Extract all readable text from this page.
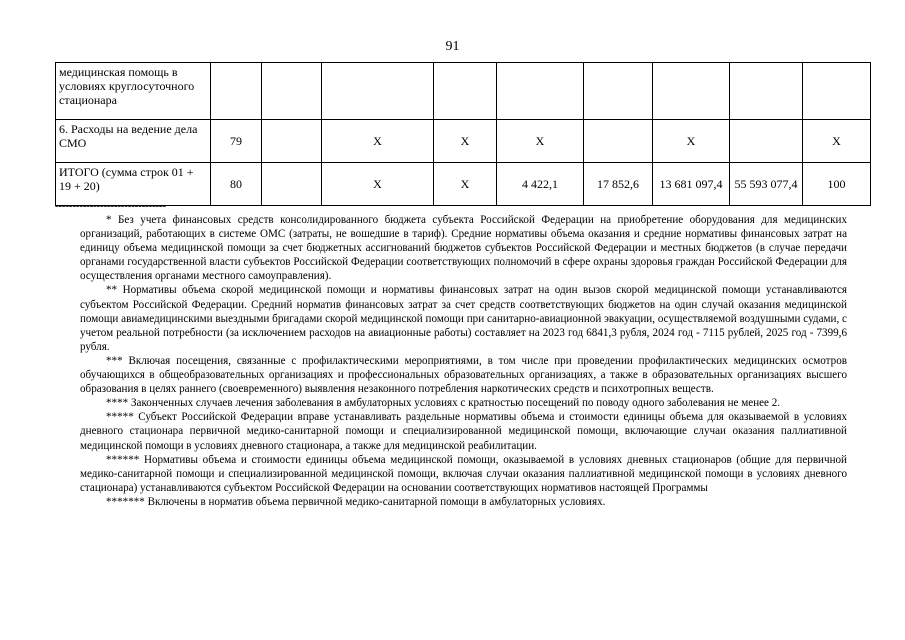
91
медицинская помощь в условиях круглосуточного стационара									
6. Расходы на ведение дела СМО	79		X	X	X		X		X
ИТОГО (сумма строк 01 + 19 + 20)	80		X	X	4 422,1	17 852,6	13 681 097,4	55 593 077,4	100
--------------------------------

* Без учета финансовых средств консолидированного бюджета субъекта Российской Федерации на приобретение оборудования для медицинских организаций, работающих в системе ОМС (затраты, не вошедшие в тариф). Средние нормативы объема оказания и средние нормативы финансовых затрат на единицу объема медицинской помощи за счет бюджетных ассигнований бюджетов субъектов Российской Федерации и местных бюджетов (в случае передачи органами государственной власти субъектов Российской Федерации соответствующих полномочий в сфере охраны здоровья граждан Российской Федерации для осуществления органами местного самоуправления).

** Нормативы объема скорой медицинской помощи и нормативы финансовых затрат на один вызов скорой медицинской помощи устанавливаются субъектом Российской Федерации. Средний норматив финансовых затрат за счет средств соответствующих бюджетов на один случай оказания медицинской помощи авиамедицинскими выездными бригадами скорой медицинской помощи при санитарно-авиационной эвакуации, осуществляемой воздушными судами, с учетом реальной потребности (за исключением расходов на авиационные работы) составляет на 2023 год 6841,3 рубля, 2024 год - 7115 рублей, 2025 год - 7399,6 рубля.

*** Включая посещения, связанные с профилактическими мероприятиями, в том числе при проведении профилактических медицинских осмотров обучающихся в общеобразовательных организациях и профессиональных образовательных организациях, а также в образовательных организациях высшего образования в целях раннего (своевременного) выявления незаконного потребления наркотических средств и психотропных веществ.

**** Законченных случаев лечения заболевания в амбулаторных условиях с кратностью посещений по поводу одного заболевания не менее 2.

***** Субъект Российской Федерации вправе устанавливать раздельные нормативы объема и стоимости единицы объема для оказываемой в условиях дневного стационара первичной медико-санитарной помощи и специализированной медицинской помощи, включающие случаи оказания паллиативной медицинской помощи в условиях дневного стационара, а также для медицинской реабилитации.

****** Нормативы объема и стоимости единицы объема медицинской помощи, оказываемой в условиях дневных стационаров (общие для первичной медико-санитарной помощи и специализированной медицинской помощи, включая случаи оказания паллиативной медицинской помощи в условиях дневного стационара) устанавливаются субъектом Российской Федерации на основании соответствующих нормативов настоящей Программы

******* Включены в норматив объема первичной медико-санитарной помощи в амбулаторных условиях.
